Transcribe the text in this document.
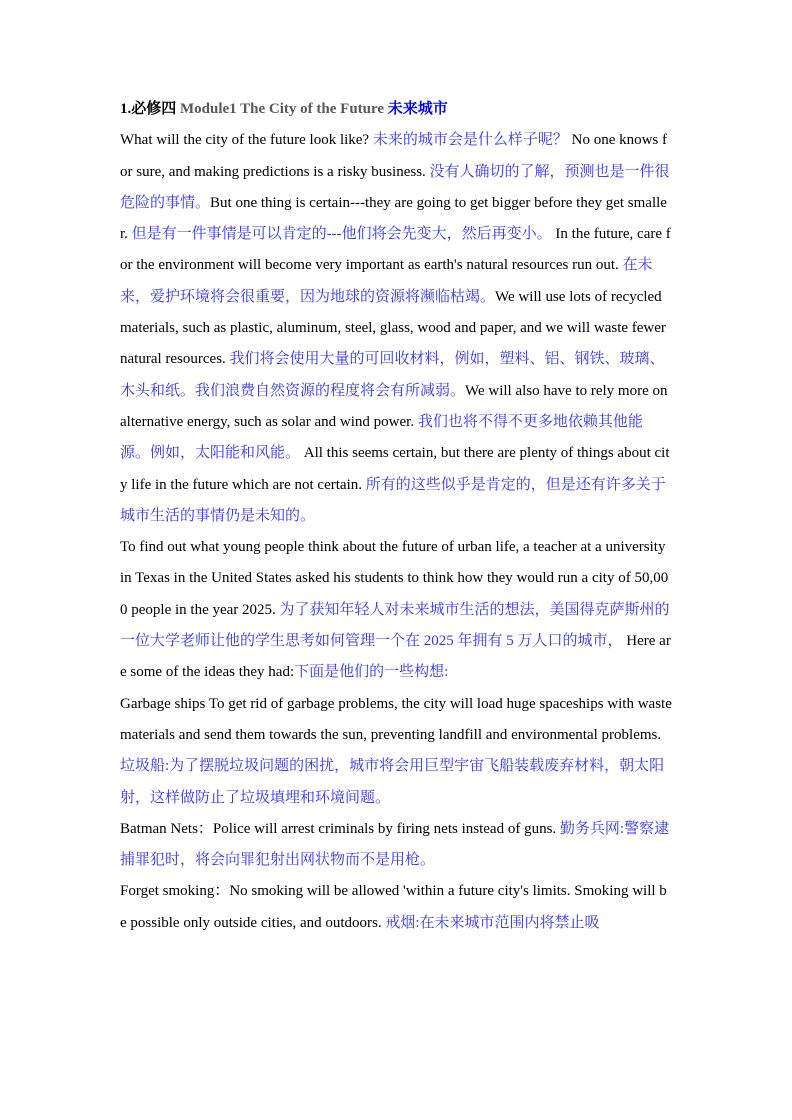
1.必修四 Module1 The City of the Future 未来城市

What will the city of the future look like? 未来的城市会是什么样子呢？ No one knows for sure, and making predictions is a risky business. 没有人确切的了解，预测也是一件很危险的事情。But one thing is certain---they are going to get bigger before they get smaller. 但是有一件事情是可以肯定的---他们将会先变大，然后再变小。 In the future, care for the environment will become very important as earth's natural resources run out. 在未来，爱护环境将会很重要，因为地球的资源将濒临枯竭。We will use lots of recycled materials, such as plastic, aluminum, steel, glass, wood and paper, and we will waste fewer natural resources. 我们将会使用大量的可回收材料，例如，塑料、铝、钢铁、玻璃、木头和纸。我们浪费自然资源的程度将会有所减弱。We will also have to rely more on alternative energy, such as solar and wind power. 我们也将不得不更多地依赖其他能源。例如，太阳能和风能。 All this seems certain, but there are plenty of things about city life in the future which are not certain. 所有的这些似乎是肯定的，但是还有许多关于城市生活的事情仍是未知的。

To find out what young people think about the future of urban life, a teacher at a university in Texas in the United States asked his students to think how they would run a city of 50,000 people in the year 2025. 为了获知年轻人对未来城市生活的想法，美国得克萨斯州的一位大学老师让他的学生思考如何管理一个在 2025 年拥有 5 万人口的城市， Here are some of the ideas they had:下面是他们的一些构想:

Garbage ships To get rid of garbage problems, the city will load huge spaceships with waste materials and send them towards the sun, preventing landfill and environmental problems. 垃圾船:为了摆脱垃圾问题的困扰，城市将会用巨型宇宙飞船装载废弃材料，朝太阳射，这样做防止了垃圾填埋和环境间题。

Batman Nets：Police will arrest criminals by firing nets instead of guns. 勤务兵网:警察逮捕罪犯时，将会向罪犯射出网状物而不是用枪。

Forget smoking：No smoking will be allowed 'within a future city's limits. Smoking will be possible only outside cities, and outdoors. 戒烟:在未来城市范围内将禁止吸
